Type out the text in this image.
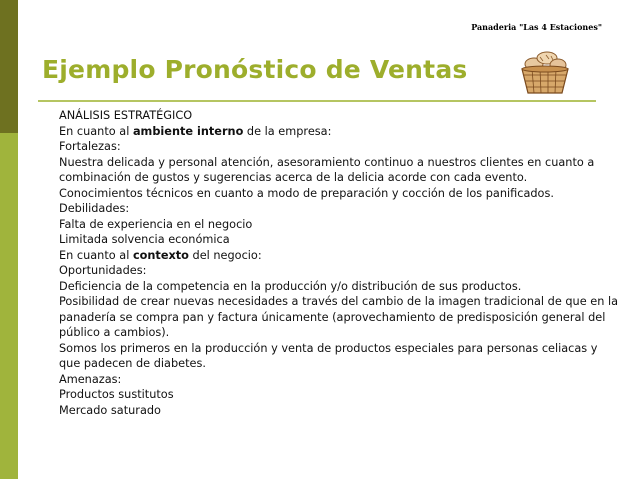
Panaderia "Las 4 Estaciones"
Ejemplo Pronóstico de Ventas

ANÁLISIS ESTRATÉGICO

En cuanto al ambiente interno de la empresa:

Fortalezas:

Nuestra delicada y personal atención, asesoramiento continuo a nuestros clientes en cuanto a combinación de gustos y sugerencias acerca de la delicia acorde con cada evento.

Conocimientos técnicos en cuanto a modo de preparación y cocción de los panificados.

Debilidades:

Falta de experiencia en el negocio

Limitada solvencia económica

En cuanto al contexto del negocio:

Oportunidades:

Deficiencia de la competencia en la producción y/o distribución de sus productos.

Posibilidad de crear nuevas necesidades a través del cambio de la imagen tradicional de que en la panadería se compra pan y factura únicamente (aprovechamiento de predisposición general del público a cambios).

Somos los primeros en la producción y venta de productos especiales para personas celiacas y que padecen de diabetes.

Amenazas:

Productos sustitutos

Mercado saturado
